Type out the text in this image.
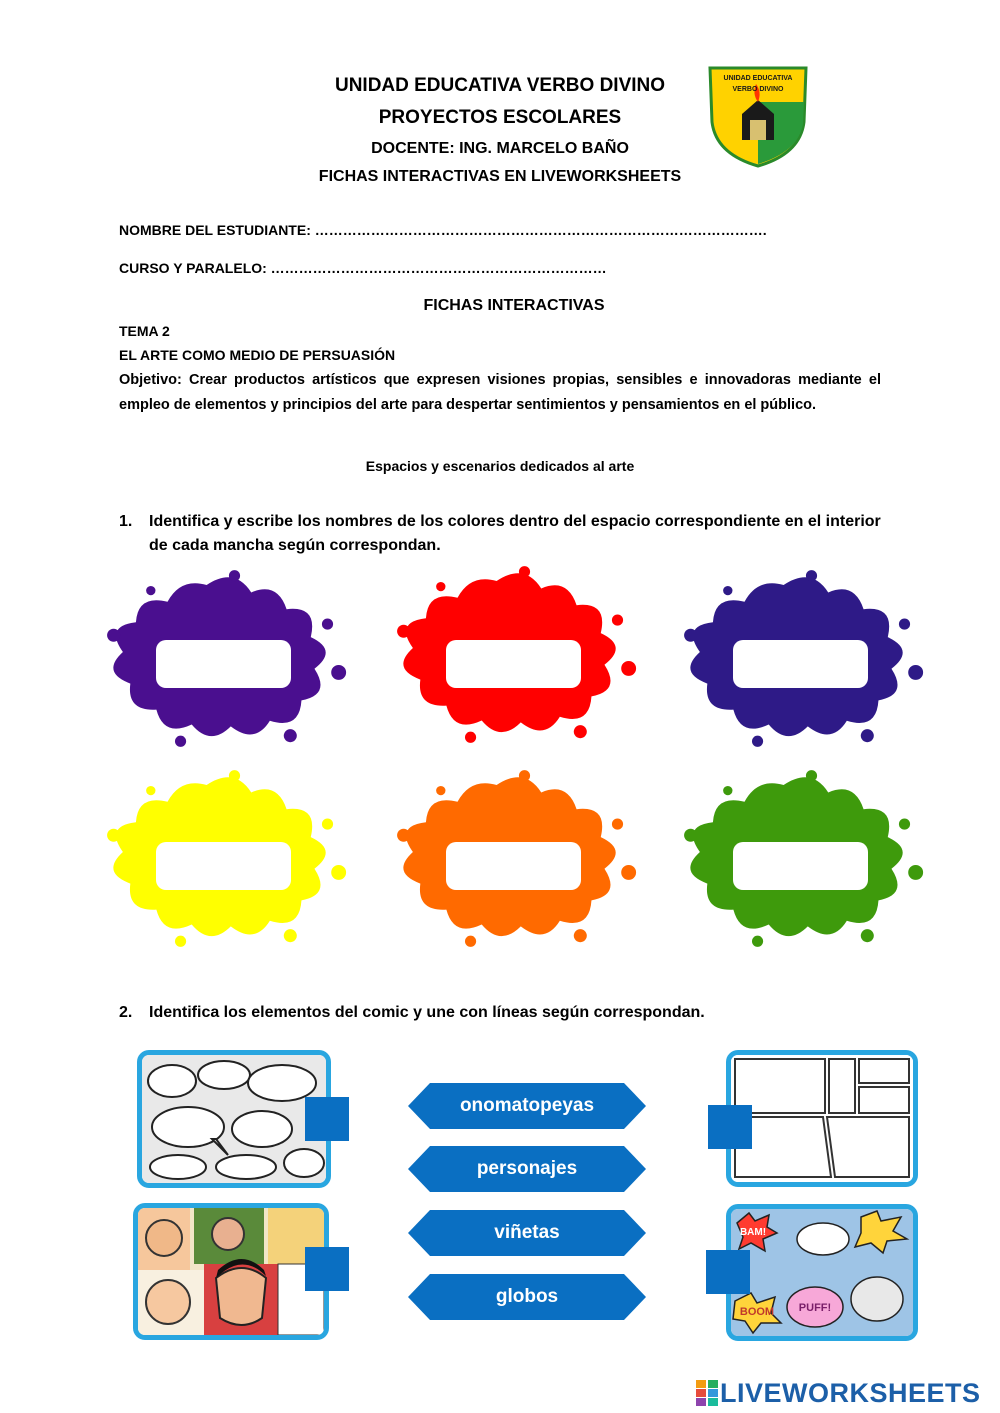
UNIDAD EDUCATIVA VERBO DIVINO
PROYECTOS ESCOLARES
DOCENTE: ING. MARCELO BAÑO
FICHAS INTERACTIVAS EN LIVEWORKSHEETS
UNIDAD EDUCATIVA
VERBO DIVINO
NOMBRE DEL ESTUDIANTE: …………………………………………………………………………………….
CURSO Y PARALELO: ………………………………………………………………
FICHAS INTERACTIVAS
TEMA 2
EL ARTE COMO MEDIO DE PERSUASIÓN
Objetivo: Crear productos artísticos que expresen visiones propias, sensibles e innovadoras mediante el empleo de elementos y principios del arte para despertar sentimientos y pensamientos en el público.
Espacios y escenarios dedicados al arte
1. Identifica y escribe los nombres de los colores dentro del espacio correspondiente en el interior de cada mancha según correspondan.
2. Identifica los elementos del comic y une con líneas según correspondan.
onomatopeyas
personajes
viñetas
globos
BAM!
BOOM PUFF!
LIVEWORKSHEETS
